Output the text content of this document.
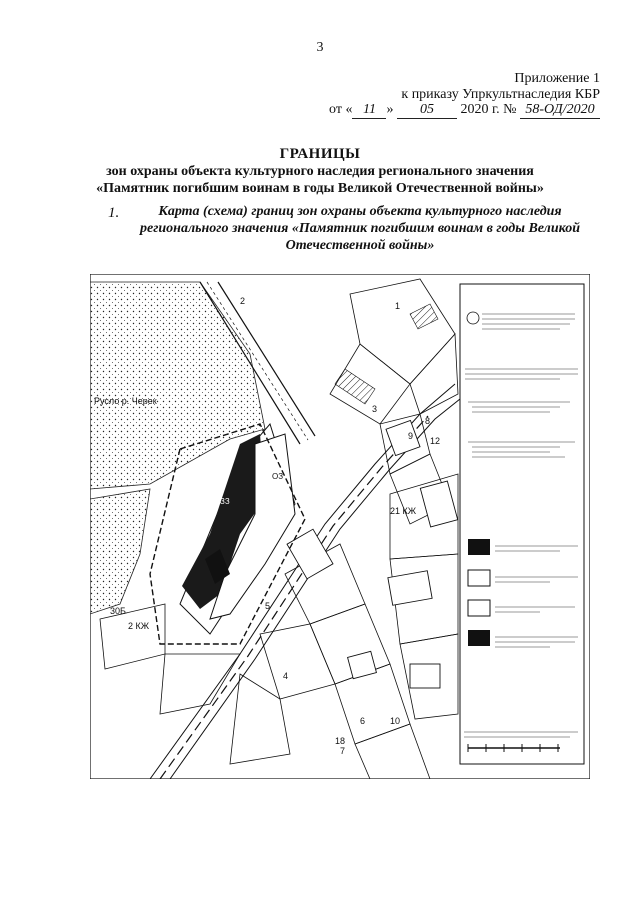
3
Приложение 1
к приказу Упркультнаследия КБР
от « 11 » 05 2020 г. № 58-ОД/2020
ГРАНИЦЫ
зон охраны объекта культурного наследия регионального значения
«Памятник погибшим воинам в годы Великой Отечественной войны»
1.	Карта (схема) границ зон охраны объекта культурного наследия регионального значения «Памятник погибшим воинам в годы Великой Отечественной войны»
Русло р. Черек
ОЗ
ЗЗ
1
2
3
4
5
6
7
8
9
10
12
18
30Б
2 КЖ
21 КЖ
